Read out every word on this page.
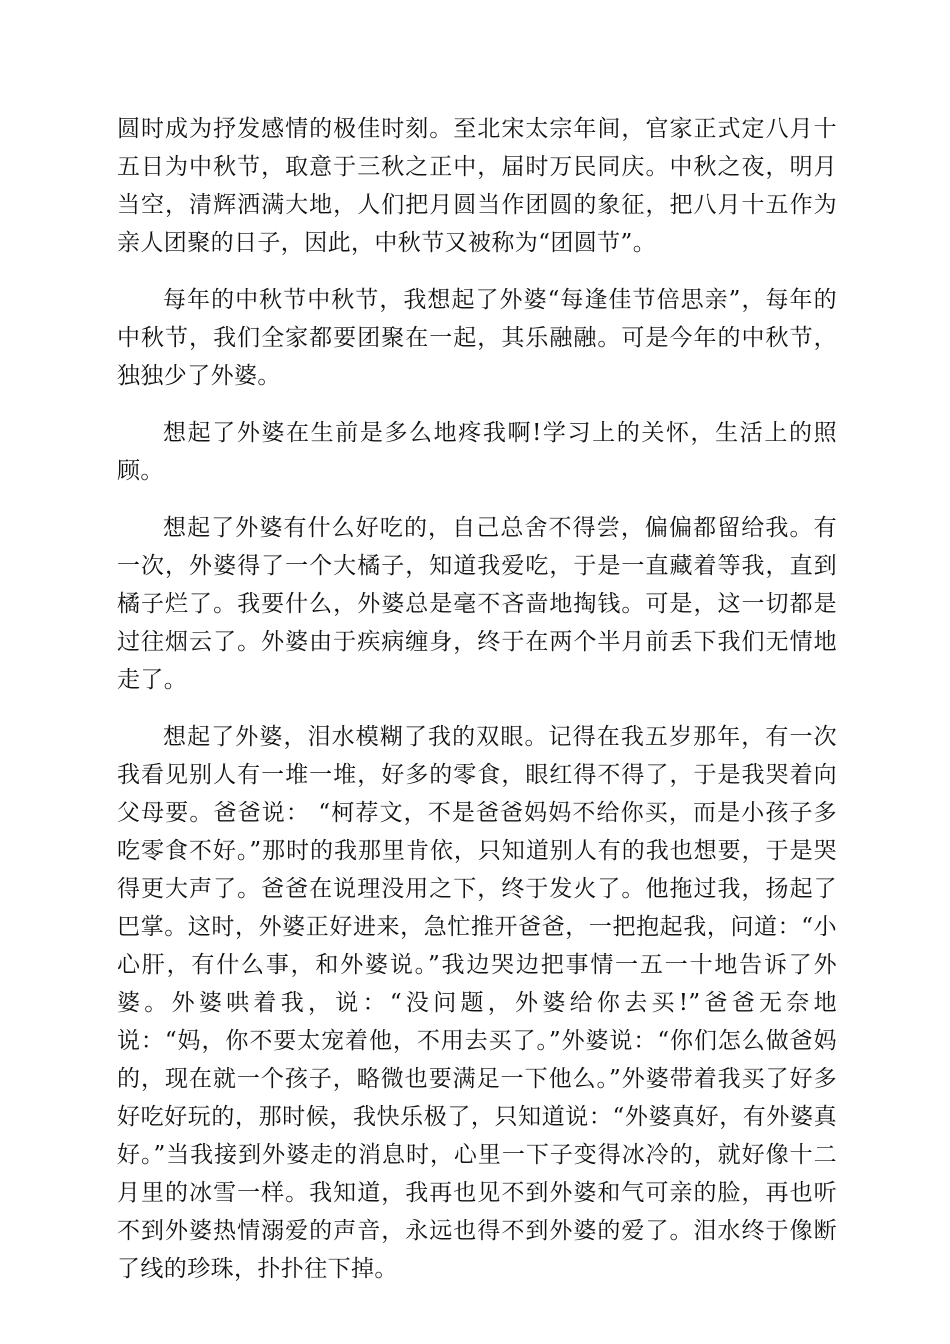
圆时成为抒发感情的极佳时刻。至北宋太宗年间，官家正式定八月十五日为中秋节，取意于三秋之正中，届时万民同庆。中秋之夜，明月当空，清辉洒满大地，人们把月圆当作团圆的象征，把八月十五作为亲人团聚的日子，因此，中秋节又被称为“团圆节”。

每年的中秋节中秋节，我想起了外婆“每逢佳节倍思亲”，每年的中秋节，我们全家都要团聚在一起，其乐融融。可是今年的中秋节，独独少了外婆。

想起了外婆在生前是多么地疼我啊!学习上的关怀，生活上的照顾。

想起了外婆有什么好吃的，自己总舍不得尝，偏偏都留给我。有一次，外婆得了一个大橘子，知道我爱吃，于是一直藏着等我，直到橘子烂了。我要什么，外婆总是毫不吝啬地掏钱。可是，这一切都是过往烟云了。外婆由于疾病缠身，终于在两个半月前丢下我们无情地走了。

想起了外婆，泪水模糊了我的双眼。记得在我五岁那年，有一次我看见别人有一堆一堆，好多的零食，眼红得不得了，于是我哭着向父母要。爸爸说： “柯荐文，不是爸爸妈妈不给你买，而是小孩子多吃零食不好。”那时的我那里肯依，只知道别人有的我也想要，于是哭得更大声了。爸爸在说理没用之下，终于发火了。他拖过我，扬起了巴掌。这时，外婆正好进来，急忙推开爸爸，一把抱起我，问道：“小心肝，有什么事，和外婆说。”我边哭边把事情一五一十地告诉了外婆。外婆哄着我，说：“没问题，外婆给你去买!”爸爸无奈地说：“妈，你不要太宠着他，不用去买了。”外婆说：“你们怎么做爸妈的，现在就一个孩子，略微也要满足一下他么。”外婆带着我买了好多好吃好玩的，那时候，我快乐极了，只知道说：“外婆真好，有外婆真好。”当我接到外婆走的消息时，心里一下子变得冰冷的，就好像十二月里的冰雪一样。我知道，我再也见不到外婆和气可亲的脸，再也听不到外婆热情溺爱的声音，永远也得不到外婆的爱了。泪水终于像断了线的珍珠，扑扑往下掉。
